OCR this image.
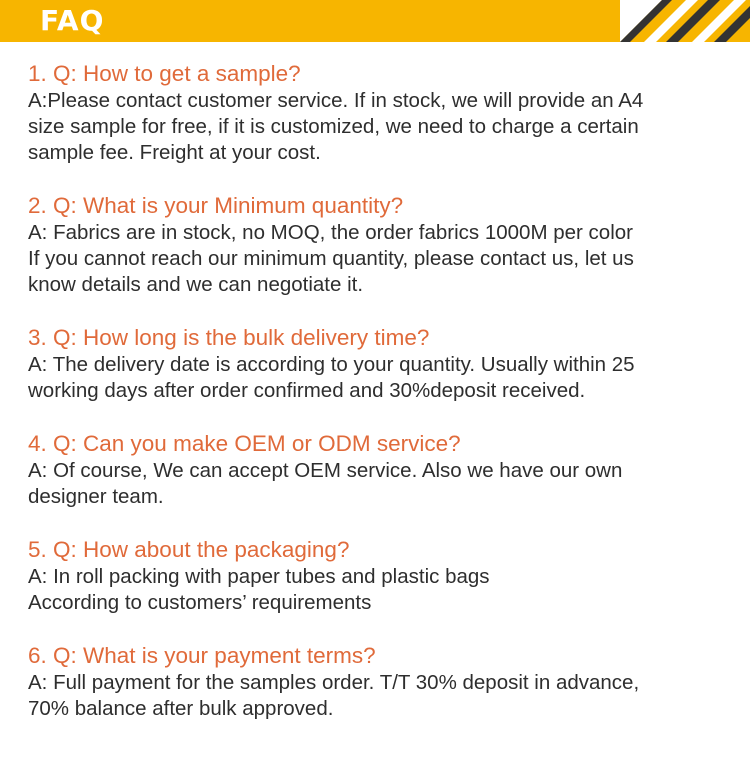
FAQ

1. Q: How to get a sample?

A:Please contact customer service. If in stock, we will provide an A4
size sample for free, if it is customized, we need to charge a certain
sample fee. Freight at your cost.

2. Q: What is your Minimum quantity?

A: Fabrics are in stock, no MOQ, the order fabrics 1000M per color
If you cannot reach our minimum quantity, please contact us, let us
know details and we can negotiate it.

3. Q: How long is the bulk delivery time?

A: The delivery date is according to your quantity. Usually within 25
working days after order confirmed and 30%deposit received.

4. Q: Can you make OEM or ODM service?

A: Of course, We can accept OEM service. Also we have our own
designer team.

5. Q: How about the packaging?

A: In roll packing with paper tubes and plastic bags
According to customers’ requirements

6. Q: What is your payment terms?

A: Full payment for the samples order. T/T 30% deposit in advance,
70% balance after bulk approved.
